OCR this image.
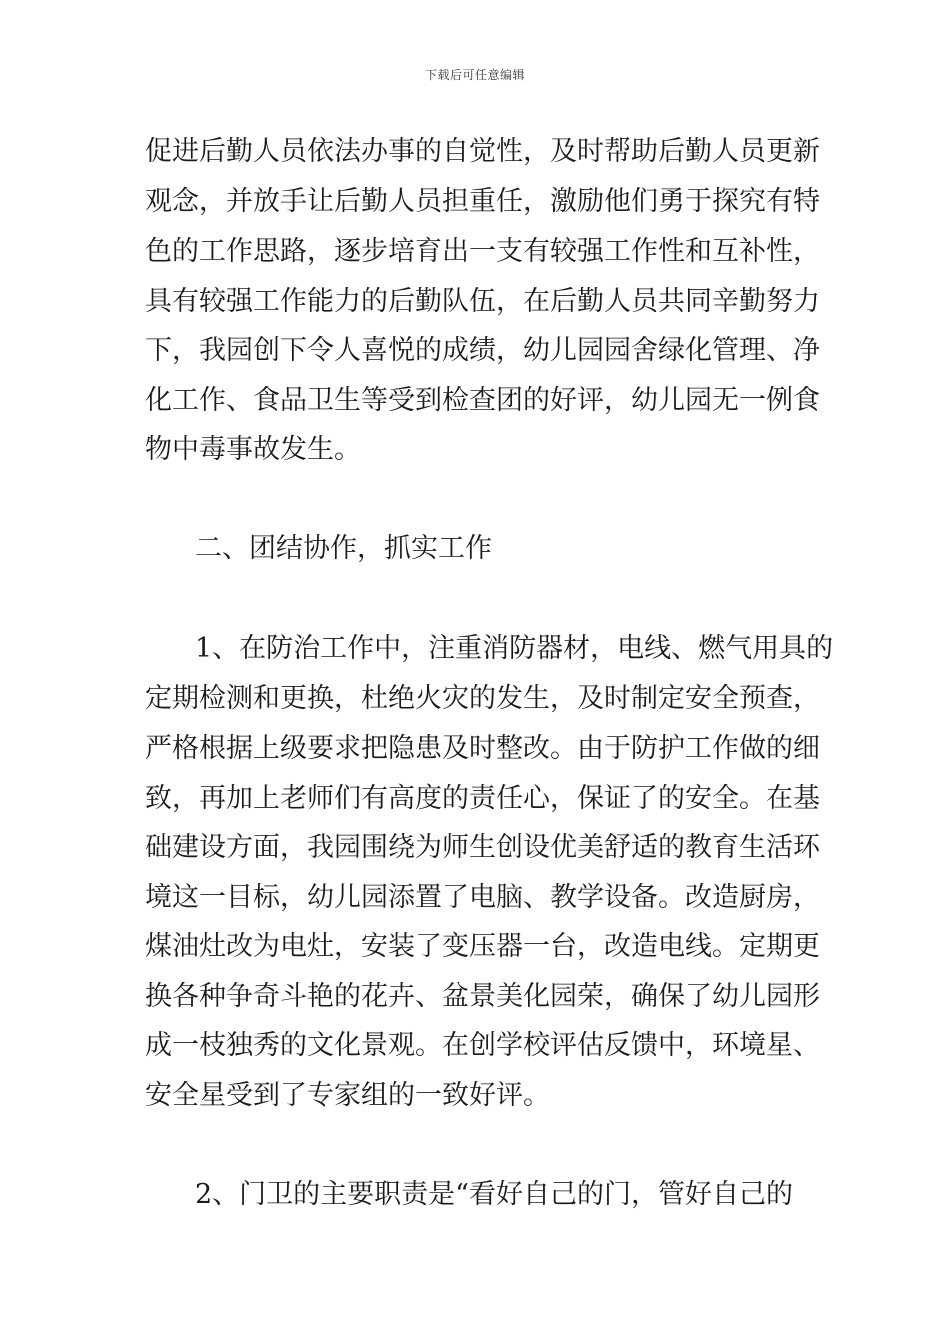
下载后可任意编辑
促进后勤人员依法办事的自觉性，及时帮助后勤人员更新
观念，并放手让后勤人员担重任，激励他们勇于探究有特
色的工作思路，逐步培育出一支有较强工作性和互补性，
具有较强工作能力的后勤队伍，在后勤人员共同辛勤努力
下，我园创下令人喜悦的成绩，幼儿园园舍绿化管理、净
化工作、食品卫生等受到检查团的好评，幼儿园无一例食
物中毒事故发生。
二、团结协作，抓实工作
1、在防治工作中，注重消防器材，电线、燃气用具的
定期检测和更换，杜绝火灾的发生，及时制定安全预查，
严格根据上级要求把隐患及时整改。由于防护工作做的细
致，再加上老师们有高度的责任心，保证了的安全。在基
础建设方面，我园围绕为师生创设优美舒适的教育生活环
境这一目标，幼儿园添置了电脑、教学设备。改造厨房，
煤油灶改为电灶，安装了变压器一台，改造电线。定期更
换各种争奇斗艳的花卉、盆景美化园荣，确保了幼儿园形
成一枝独秀的文化景观。在创学校评估反馈中，环境星、
安全星受到了专家组的一致好评。
2、门卫的主要职责是“看好自己的门，管好自己的
